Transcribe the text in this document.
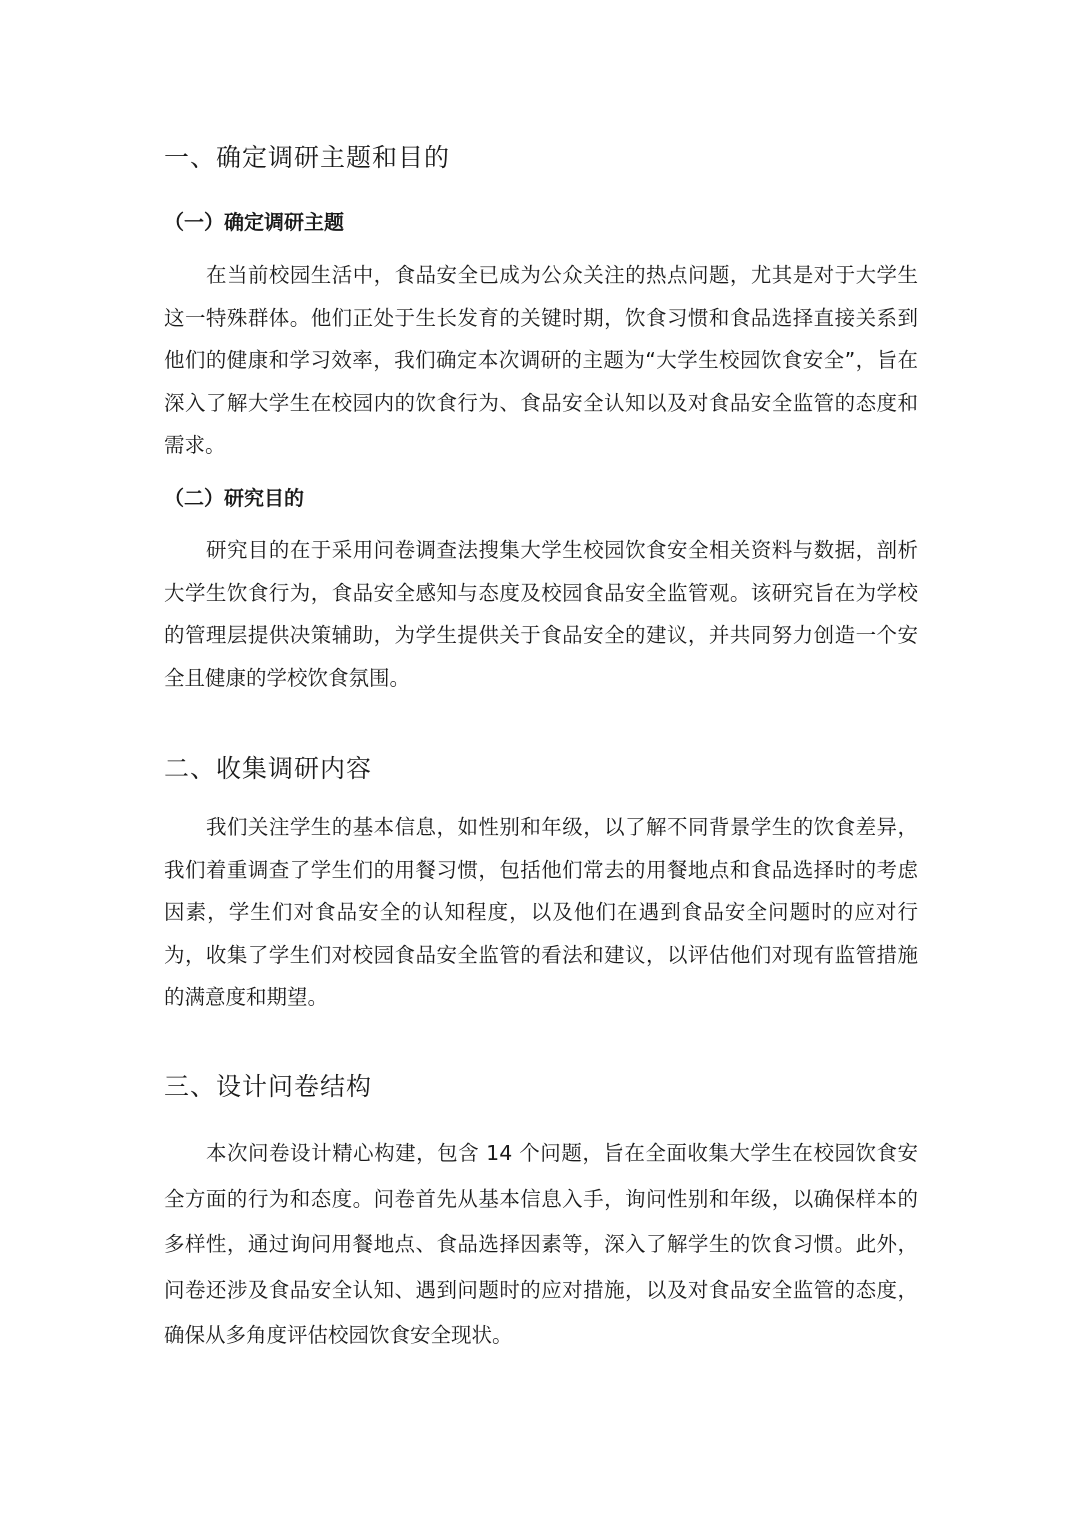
一、确定调研主题和目的
（一）确定调研主题

在当前校园生活中，食品安全已成为公众关注的热点问题，尤其是对于大学生这一特殊群体。他们正处于生长发育的关键时期，饮食习惯和食品选择直接关系到他们的健康和学习效率，我们确定本次调研的主题为“大学生校园饮食安全”，旨在深入了解大学生在校园内的饮食行为、食品安全认知以及对食品安全监管的态度和需求。

（二）研究目的

研究目的在于采用问卷调查法搜集大学生校园饮食安全相关资料与数据，剖析大学生饮食行为，食品安全感知与态度及校园食品安全监管观。该研究旨在为学校的管理层提供决策辅助，为学生提供关于食品安全的建议，并共同努力创造一个安全且健康的学校饮食氛围。

二、收集调研内容

我们关注学生的基本信息，如性别和年级，以了解不同背景学生的饮食差异，我们着重调查了学生们的用餐习惯，包括他们常去的用餐地点和食品选择时的考虑因素，学生们对食品安全的认知程度，以及他们在遇到食品安全问题时的应对行为，收集了学生们对校园食品安全监管的看法和建议，以评估他们对现有监管措施的满意度和期望。

三、设计问卷结构

本次问卷设计精心构建，包含 14 个问题，旨在全面收集大学生在校园饮食安全方面的行为和态度。问卷首先从基本信息入手，询问性别和年级，以确保样本的多样性，通过询问用餐地点、食品选择因素等，深入了解学生的饮食习惯。此外，问卷还涉及食品安全认知、遇到问题时的应对措施，以及对食品安全监管的态度，确保从多角度评估校园饮食安全现状。
